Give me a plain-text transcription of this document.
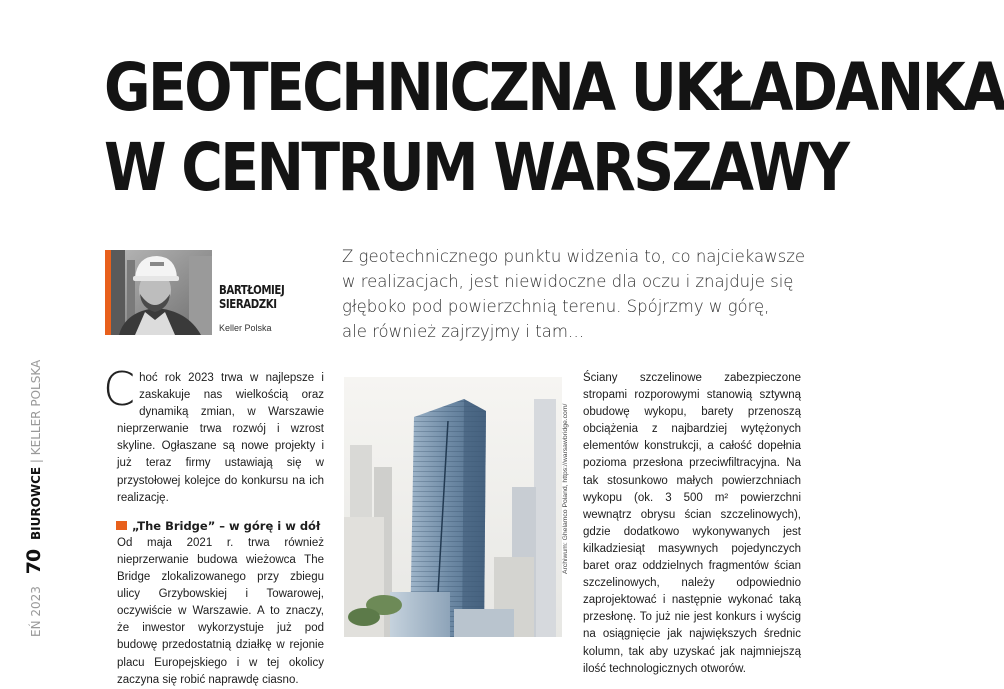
GEOTECHNICZNA UKŁADANKA
W CENTRUM WARSZAWY
BARTŁOMIEJ
SIERADZKI
Keller Polska

Z geotechnicznego punktu widzenia to, co najciekawsze

w realizacjach, jest niewidoczne dla oczu i znajduje się

głęboko pod powierzchnią terenu. Spójrzmy w górę,

ale również zajrzyjmy i tam…

Choć rok 2023 trwa w najlepsze i zaskakuje nas wielkością oraz dynamiką zmian, w Warszawie nieprzerwanie trwa rozwój i wzrost skyline. Ogłaszane są nowe projekty i już teraz firmy ustawiają się w przystołowej kolejce do konkursu na ich realizację.

„The Bridge” – w górę i w dół

Od maja 2021 r. trwa również nieprzerwanie budowa wieżowca The Bridge zlokalizowanego przy zbiegu ulicy Grzybowskiej i Towarowej, oczywiście w Warszawie. A to znaczy, że inwestor wykorzystuje już pod budowę przedostatnią działkę w rejonie placu Europejskiego i w tej okolicy zaczyna się robić naprawdę ciasno.

Archiwum: Ghelamco Poland, https://warsawbridge.com/

Ściany szczelinowe zabezpieczone stropami rozporowymi stanowią sztywną obudowę wykopu, barety przenoszą obciążenia z najbardziej wytężonych elementów konstrukcji, a całość dopełnia pozioma przesłona przeciwfiltracyjna. Na tak stosunkowo małych powierzchniach wykopu (ok. 3 500 m² powierzchni wewnątrz obrysu ścian szczelinowych), gdzie dodatkowo wykonywanych jest kilkadziesiąt masywnych pojedynczych baret oraz oddzielnych fragmentów ścian szczelinowych, należy odpowiednio zaprojektować i następnie wykonać taką przesłonę. To już nie jest konkurs i wyścig na osiągnięcie jak największych średnic kolumn, tak aby uzyskać jak najmniejszą ilość technologicznych otworów.

EŃ 2023 70 BIUROWCE | KELLER POLSKA
